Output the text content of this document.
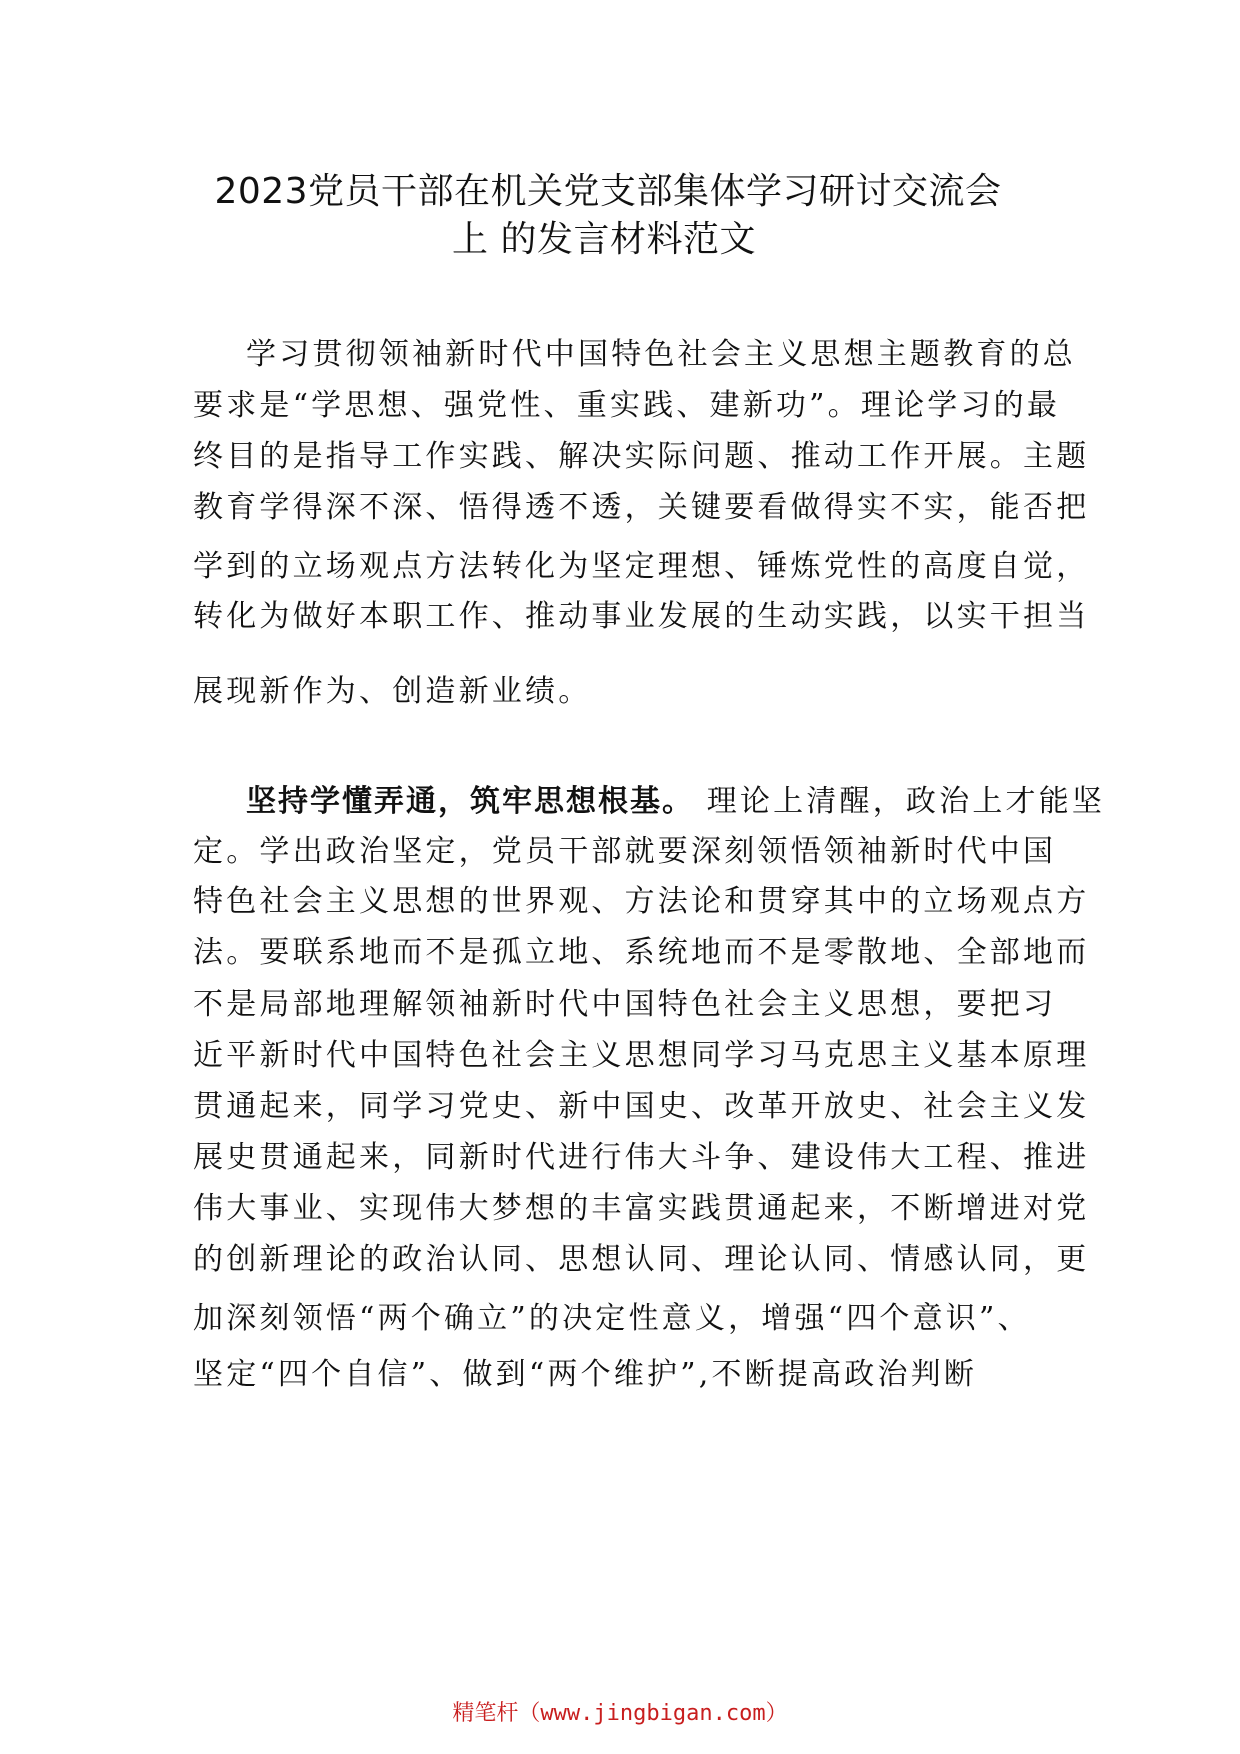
2023党员干部在机关党支部集体学习研讨交流会
上 的发言材料范文
学习贯彻领袖新时代中国特色社会主义思想主题教育的总
要求是“学思想、强党性、重实践、建新功”。理论学习的最
终目的是指导工作实践、解决实际问题、推动工作开展。主题
教育学得深不深、悟得透不透，关键要看做得实不实，能否把
学到的立场观点方法转化为坚定理想、锤炼党性的高度自觉，
转化为做好本职工作、推动事业发展的生动实践，以实干担当
展现新作为、创造新业绩。
坚持学懂弄通，筑牢思想根基。 理论上清醒，政治上才能坚
定。学出政治坚定，党员干部就要深刻领悟领袖新时代中国
特色社会主义思想的世界观、方法论和贯穿其中的立场观点方
法。要联系地而不是孤立地、系统地而不是零散地、全部地而
不是局部地理解领袖新时代中国特色社会主义思想，要把习
近平新时代中国特色社会主义思想同学习马克思主义基本原理
贯通起来，同学习党史、新中国史、改革开放史、社会主义发
展史贯通起来，同新时代进行伟大斗争、建设伟大工程、推进
伟大事业、实现伟大梦想的丰富实践贯通起来，不断增进对党
的创新理论的政治认同、思想认同、理论认同、情感认同，更
加深刻领悟“两个确立”的决定性意义，增强“四个意识”、
坚定“四个自信”、做到“两个维护”,不断提高政治判断
精笔杆（www.jingbigan.com）
